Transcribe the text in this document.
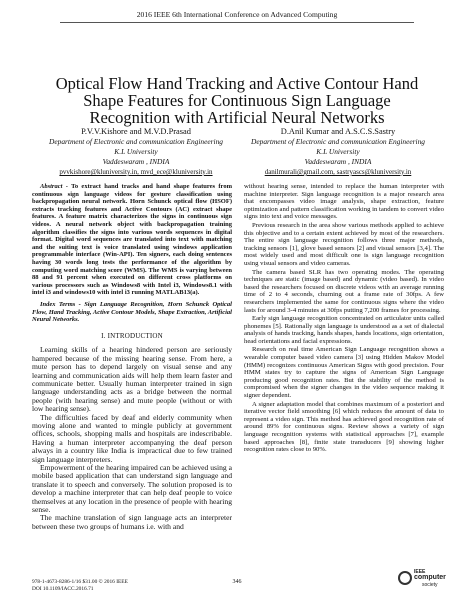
2016 IEEE 6th International Conference on Advanced Computing
Optical Flow Hand Tracking and Active Contour Hand
Shape Features for Continuous Sign Language
Recognition with Artificial Neural Networks
P.V.V.Kishore and M.V.D.Prasad
Department of Electronic and communication Engineering
K.L University
Vaddeswaram , INDIA
pvvkishore@kluniversity.in, mvd_ece@kluniversity.in
D.Anil Kumar and A.S.C.S.Sastry
Department of Electronic and communication Engineering
K.L University
Vaddeswaram , INDIA
danilmurali@gmail.com, sastryascs@kluniversity.in
Abstract - To extract hand tracks and hand shape features from continuous sign language videos for gesture classification using backpropagation neural network. Horn Schunck optical flow (HSOF) extracts tracking features and Active Contours (AC) extract shape features. A feature matrix characterizes the signs in continuous sign videos. A neural network object with backpropagation training algorithm classifies the signs into various words sequences in digital format. Digital word sequences are translated into text with matching and the suiting text is voice translated using windows application programmable interface (Win-API). Ten signers, each doing sentences having 30 words long tests the performance of the algorithm by computing word matching score (WMS). The WMS is varying between 88 and 91 percent when executed on different cross platforms on various processors such as Windows8 with Intel i3, Windows8.1 with intel i3 and windows10 with intel i3 running MATLAB13(a).
Index Terms - Sign Language Recognition, Horn Schunck Optical Flow, Hand Tracking, Active Contour Models, Shape Extraction, Artificial Neural Networks.
I. INTRODUCTION
Learning skills of a hearing hindered person are seriously hampered because of the missing hearing sense. From here, a mute person has to depend largely on visual sense and any learning and communication aids will help them learn faster and communicate better. Usually human interpreter trained in sign language understanding acts as a bridge between the normal people (with hearing sense) and mute people (without or with low hearing sense).
The difficulties faced by deaf and elderly community when moving alone and wanted to mingle publicly at government offices, schools, shopping malls and hospitals are indescribable. Having a human interpreter accompanying the deaf person always in a country like India is impractical due to few trained sign language interpreters.
Empowerment of the hearing impaired can be achieved using a mobile based application that can understand sign language and translate it to speech and conversely. The solution proposed is to develop a machine interpreter that can help deaf people to voice themselves at any location in the presence of people with hearing sense.
The machine translation of sign language acts an interpreter between these two groups of humans i.e. with and
without hearing sense, intended to replace the human interpreter with machine interpreter. Sign language recognition is a major research area that encompasses video image analysis, shape extraction, feature optimization and pattern classification working in tandem to convert video signs into text and voice messages.
Previous research in the area show various methods applied to achieve this objective and to a certain extent achieved by most of the researchers. The entire sign language recognition follows three major methods, tracking sensors [1], glove based sensors [2] and visual sensors [3,4]. The most widely used and most difficult one is sign language recognition using visual sensors and video cameras.
The camera based SLR has two operating modes. The operating techniques are static (image based) and dynamic (video based). In video based the researchers focused on discrete videos with an average running time of 2 to 4 seconds, churning out a frame rate of 30fps. A few researchers implemented the same for continuous signs where the video lasts for around 3-4 minutes at 30fps putting 7,200 frames for processing.
Early sign language recognition concentrated on articulator units called phonemes [5]. Rationally sign language is understood as a set of dialectal analysis of hands tracking, hands shapes, hands locations, sign orientation, head orientations and facial expressions.
Research on real time American Sign Language recognition shows a wearable computer based video camera [3] using Hidden Makov Model (HMM) recognizes continuous American Signs with good precision. Four HMM states try to capture the signs of American Sign Language producing good recognition rates. But the stability of the method is compromised when the signer changes in the video sequence making it signer dependent.
A signer adaptation model that combines maximum of a posteriori and iterative vector field smoothing [6] which reduces the amount of data to represent a video sign. This method has achieved good recognition rate of around 89% for continuous signs. Review shows a variety of sign language recognition systems with statistical approaches [7], example based approaches [8], finite state transducers [9] showing higher recognition rates close to 90%.
978-1-4673-8286-1/16 $31.00 © 2016 IEEE
DOI 10.1109/IACC.2016.71
346
IEEE
computer
society
